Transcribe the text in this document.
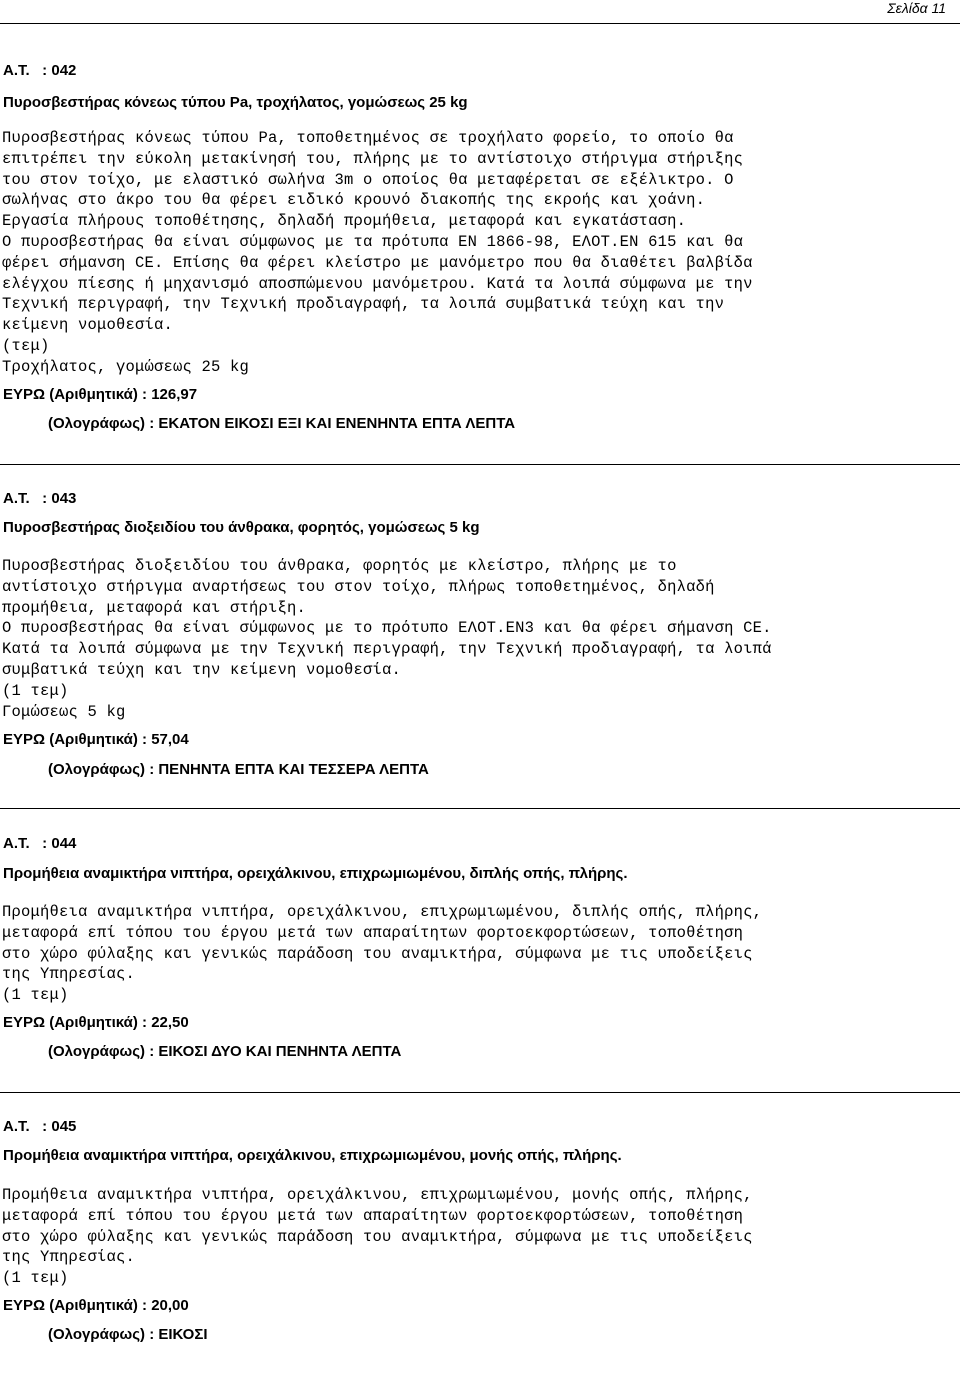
Σελίδα 11
Α.Τ.   : 042
Πυροσβεστήρας κόνεως τύπου Pa, τροχήλατος, γομώσεως 25 kg
Πυροσβεστήρας κόνεως τύπου Pa, τοποθετημένος σε τροχήλατο φορείο, το οποίο θα
επιτρέπει την εύκολη μετακίνησή του, πλήρης με το αντίστοιχο στήριγμα στήριξης
του στον τοίχο, με ελαστικό σωλήνα 3m ο οποίος θα μεταφέρεται σε εξέλικτρο. Ο
σωλήνας στο άκρο του θα φέρει ειδικό κρουνό διακοπής της εκροής και χοάνη.
Εργασία πλήρους τοποθέτησης, δηλαδή προμήθεια, μεταφορά και εγκατάσταση.
Ο πυροσβεστήρας θα είναι σύμφωνος με τα πρότυπα ΕΝ 1866-98, ΕΛΟΤ.ΕΝ 615 και θα
φέρει σήμανση CE. Επίσης θα φέρει κλείστρο με μανόμετρο που θα διαθέτει βαλβίδα
ελέγχου πίεσης ή μηχανισμό αποσπώμενου μανόμετρου. Κατά τα λοιπά σύμφωνα με την
Τεχνική περιγραφή, την Τεχνική προδιαγραφή, τα λοιπά συμβατικά τεύχη και την
κείμενη νομοθεσία.
(τεμ)
Τροχήλατος, γομώσεως 25 kg
ΕΥΡΩ (Αριθμητικά) : 126,97
(Ολογράφως) : ΕΚΑΤΟΝ ΕΙΚΟΣΙ ΕΞΙ ΚΑΙ ΕΝΕΝΗΝΤΑ ΕΠΤΑ ΛΕΠΤΑ
Α.Τ.   : 043
Πυροσβεστήρας διοξειδίου του άνθρακα, φορητός, γομώσεως 5 kg
Πυροσβεστήρας διοξειδίου του άνθρακα, φορητός με κλείστρο, πλήρης με το
αντίστοιχο στήριγμα αναρτήσεως του στον τοίχο, πλήρως τοποθετημένος, δηλαδή
προμήθεια, μεταφορά και στήριξη.
Ο πυροσβεστήρας θα είναι σύμφωνος με το πρότυπο ΕΛΟΤ.ΕΝ3 και θα φέρει σήμανση CE.
Κατά τα λοιπά σύμφωνα με την Τεχνική περιγραφή, την Τεχνική προδιαγραφή, τα λοιπά
συμβατικά τεύχη και την κείμενη νομοθεσία.
(1 τεμ)
Γομώσεως 5 kg
ΕΥΡΩ (Αριθμητικά) : 57,04
(Ολογράφως) : ΠΕΝΗΝΤΑ ΕΠΤΑ ΚΑΙ ΤΕΣΣΕΡΑ ΛΕΠΤΑ
Α.Τ.   : 044
Προμήθεια αναμικτήρα νιπτήρα, ορειχάλκινου, επιχρωμιωμένου, διπλής οπής, πλήρης.
Προμήθεια αναμικτήρα νιπτήρα, ορειχάλκινου, επιχρωμιωμένου, διπλής οπής, πλήρης,
μεταφορά επί τόπου του έργου μετά των απαραίτητων φορτοεκφορτώσεων, τοποθέτηση
στο χώρο φύλαξης και γενικώς παράδοση του αναμικτήρα, σύμφωνα με τις υποδείξεις
της Υπηρεσίας.
(1 τεμ)
ΕΥΡΩ (Αριθμητικά) : 22,50
(Ολογράφως) : ΕΙΚΟΣΙ ΔΥΟ ΚΑΙ ΠΕΝΗΝΤΑ ΛΕΠΤΑ
Α.Τ.   : 045
Προμήθεια αναμικτήρα νιπτήρα, ορειχάλκινου, επιχρωμιωμένου, μονής οπής, πλήρης.
Προμήθεια αναμικτήρα νιπτήρα, ορειχάλκινου, επιχρωμιωμένου, μονής οπής, πλήρης,
μεταφορά επί τόπου του έργου μετά των απαραίτητων φορτοεκφορτώσεων, τοποθέτηση
στο χώρο φύλαξης και γενικώς παράδοση του αναμικτήρα, σύμφωνα με τις υποδείξεις
της Υπηρεσίας.
(1 τεμ)
ΕΥΡΩ (Αριθμητικά) : 20,00
(Ολογράφως) : ΕΙΚΟΣΙ
